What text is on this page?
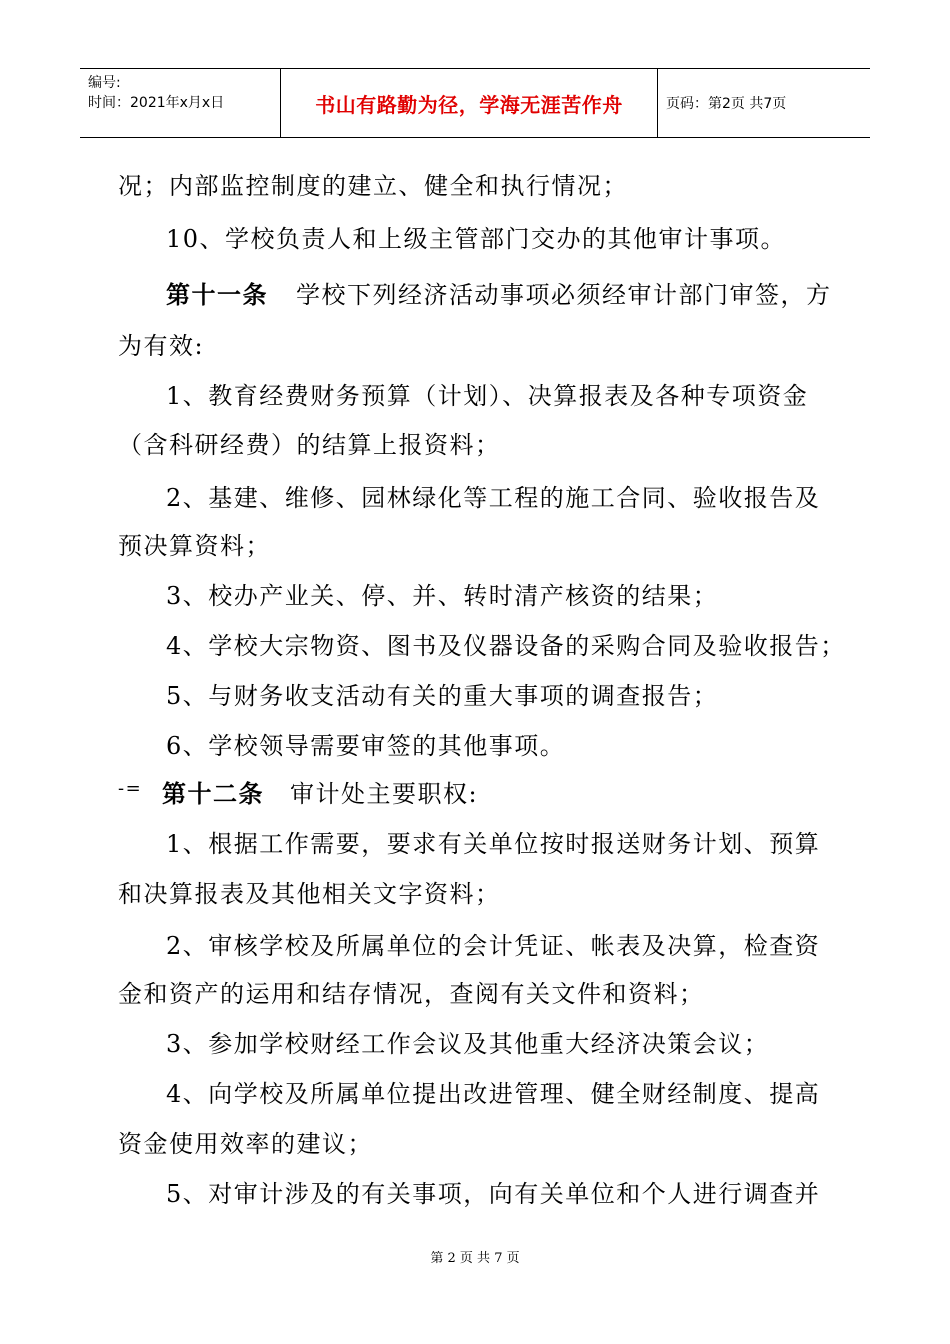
编号:
时间：2021年x月x日	书山有路勤为径，学海无涯苦作舟	页码：第2页 共7页
况；内部监控制度的建立、健全和执行情况；
10、学校负责人和上级主管部门交办的其他审计事项。
第十一条 学校下列经济活动事项必须经审计部门审签，方
为有效:
1、教育经费财务预算（计划）、决算报表及各种专项资金
（含科研经费）的结算上报资料；
2、基建、维修、园林绿化等工程的施工合同、验收报告及
预决算资料；
3、校办产业关、停、并、转时清产核资的结果；
4、学校大宗物资、图书及仪器设备的采购合同及验收报告；
5、与财务收支活动有关的重大事项的调查报告；
6、学校领导需要审签的其他事项。
-= 第十二条 审计处主要职权:
1、根据工作需要，要求有关单位按时报送财务计划、预算
和决算报表及其他相关文字资料；
2、审核学校及所属单位的会计凭证、帐表及决算，检查资
金和资产的运用和结存情况，查阅有关文件和资料；
3、参加学校财经工作会议及其他重大经济决策会议；
4、向学校及所属单位提出改进管理、健全财经制度、提高
资金使用效率的建议；
5、对审计涉及的有关事项，向有关单位和个人进行调查并
第 2 页 共 7 页
